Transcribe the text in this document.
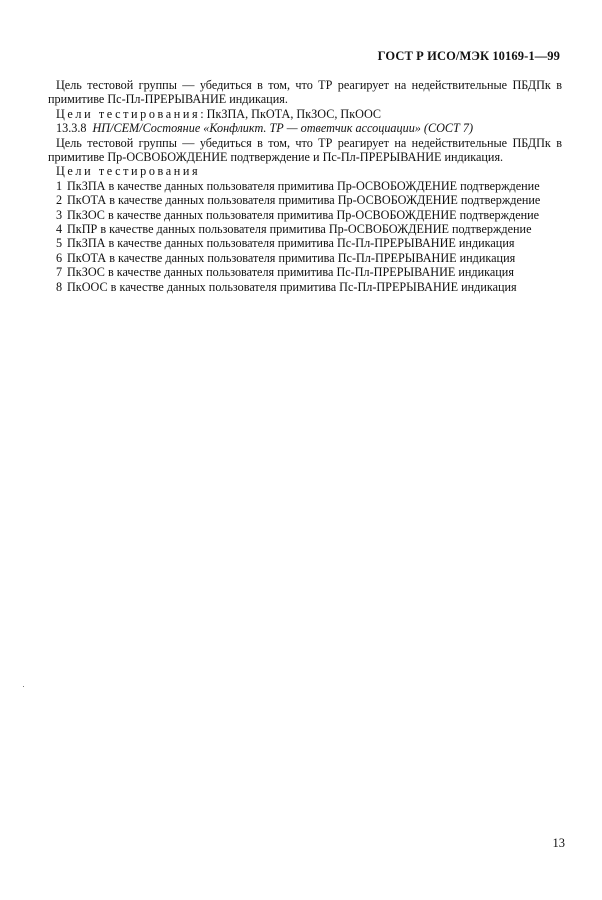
ГОСТ Р ИСО/МЭК 10169-1—99

Цель тестовой группы — убедиться в том, что ТР реагирует на недействительные ПБДПк в примитиве Пс-Пл-ПРЕРЫВАНИЕ индикация.

Цели тестирования: ПкЗПА, ПкОТА, ПкЗОС, ПкООС

13.3.8 НП/СЕМ/Состояние «Конфликт. ТР — ответчик ассоциации» (СОСТ 7)

Цель тестовой группы — убедиться в том, что ТР реагирует на недействительные ПБДПк в примитиве Пр-ОСВОБОЖДЕНИЕ подтверждение и Пс-Пл-ПРЕРЫВАНИЕ индикация.

Цели тестирования

1 ПкЗПА в качестве данных пользователя примитива Пр-ОСВОБОЖДЕНИЕ подтверждение
2 ПкОТА в качестве данных пользователя примитива Пр-ОСВОБОЖДЕНИЕ подтверждение
3 ПкЗОС в качестве данных пользователя примитива Пр-ОСВОБОЖДЕНИЕ подтверждение
4 ПкПР в качестве данных пользователя примитива Пр-ОСВОБОЖДЕНИЕ подтверждение
5 ПкЗПА в качестве данных пользователя примитива Пс-Пл-ПРЕРЫВАНИЕ индикация
6 ПкОТА в качестве данных пользователя примитива Пс-Пл-ПРЕРЫВАНИЕ индикация
7 ПкЗОС в качестве данных пользователя примитива Пс-Пл-ПРЕРЫВАНИЕ индикация
8 ПкООС в качестве данных пользователя примитива Пс-Пл-ПРЕРЫВАНИЕ индикация
13
